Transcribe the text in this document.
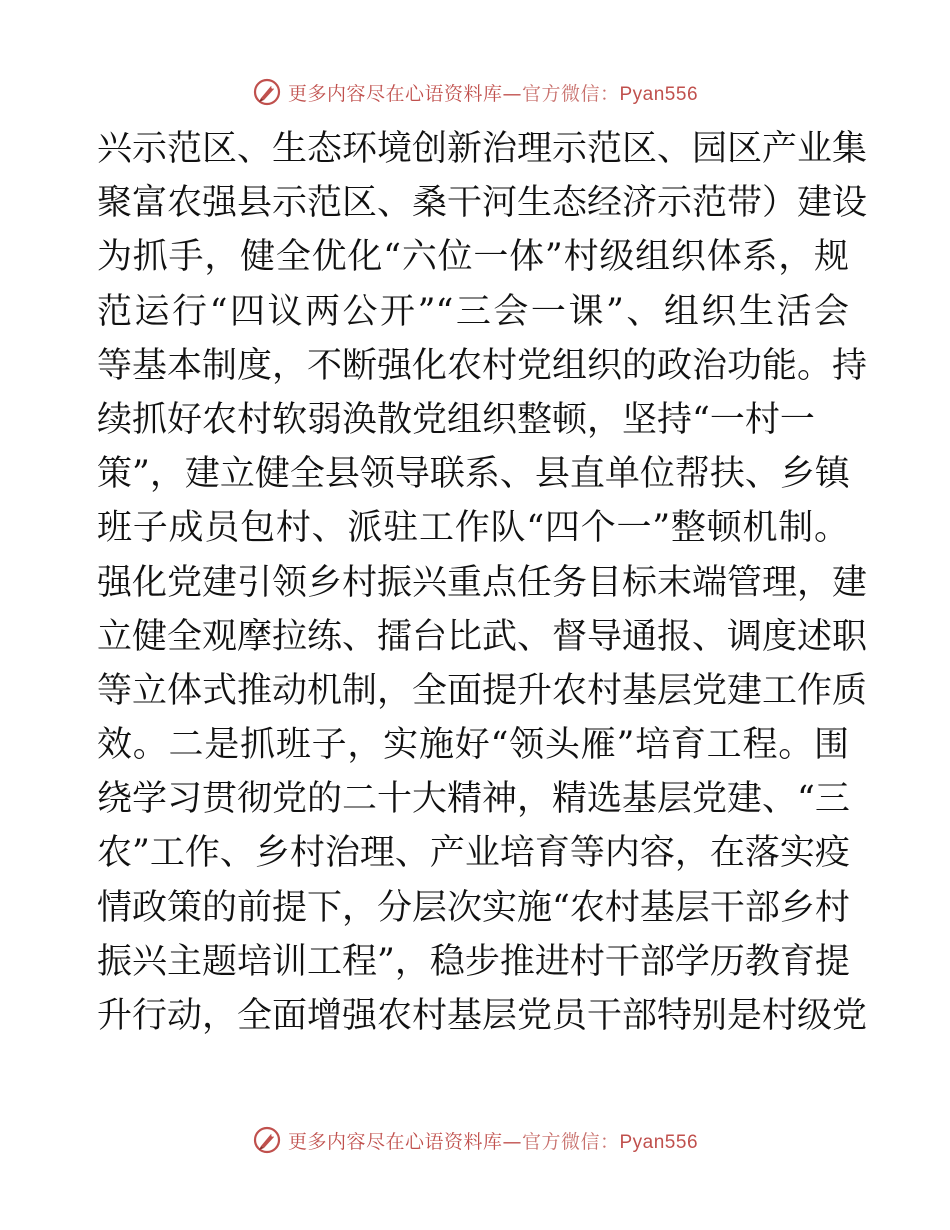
更多内容尽在心语资料库—官方微信：Pyan556
兴示范区、生态环境创新治理示范区、园区产业集
聚富农强县示范区、桑干河生态经济示范带）建设
为抓手，健全优化“六位一体”村级组织体系，规
范运行“四议两公开”“三会一课”、组织生活会
等基本制度，不断强化农村党组织的政治功能。持
续抓好农村软弱涣散党组织整顿，坚持“一村一
策”，建立健全县领导联系、县直单位帮扶、乡镇
班子成员包村、派驻工作队“四个一”整顿机制。
强化党建引领乡村振兴重点任务目标末端管理，建
立健全观摩拉练、擂台比武、督导通报、调度述职
等立体式推动机制，全面提升农村基层党建工作质
效。二是抓班子，实施好“领头雁”培育工程。围
绕学习贯彻党的二十大精神，精选基层党建、“三
农”工作、乡村治理、产业培育等内容，在落实疫
情政策的前提下，分层次实施“农村基层干部乡村
振兴主题培训工程”，稳步推进村干部学历教育提
升行动，全面增强农村基层党员干部特别是村级党
更多内容尽在心语资料库—官方微信：Pyan556
